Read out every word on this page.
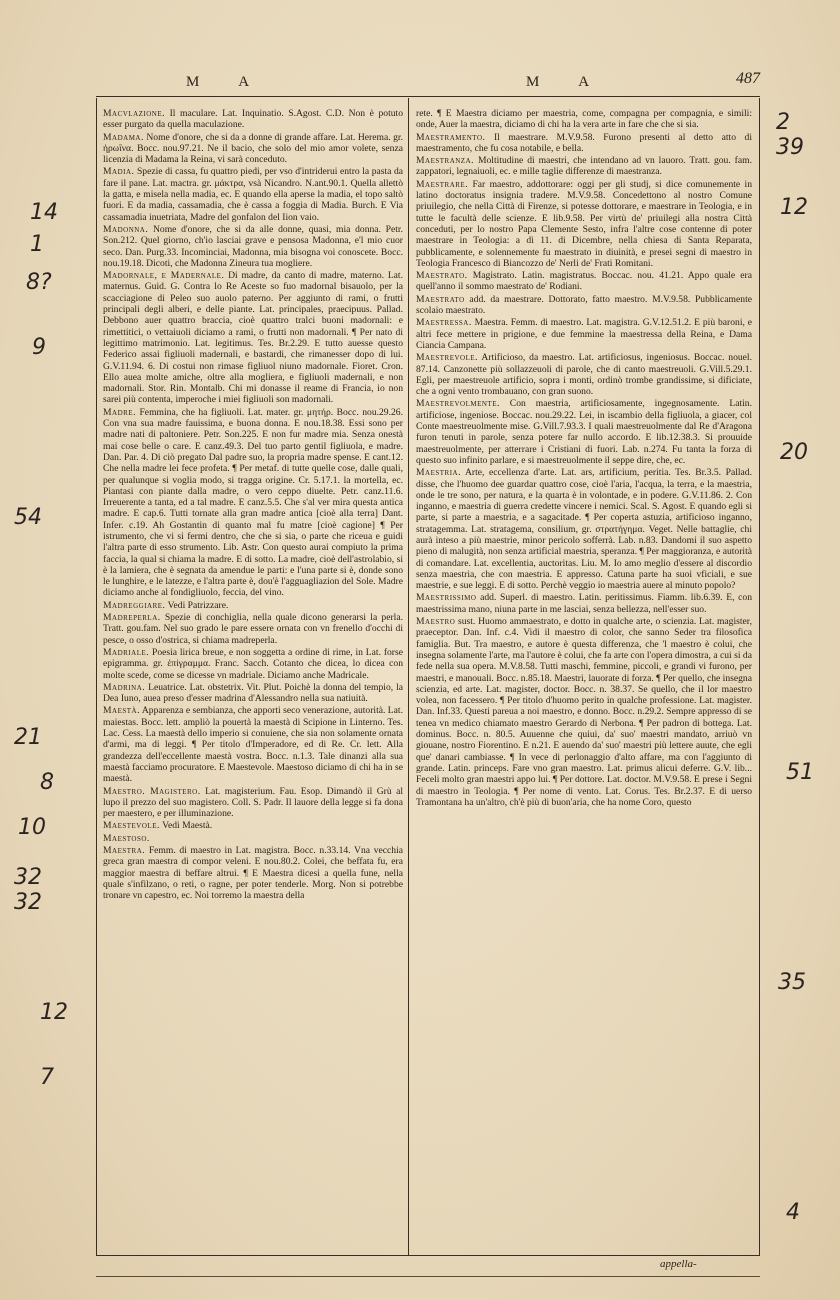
M A	M A	487
Macvlazione. Il maculare. Lat. Inquinatio. S.Agost. C.D. Non è potuto esser purgato da quella maculazione.
Madama. Nome d'onore, che si da a donne di grande affare. Lat. Herema. gr. ἡρωΐνα. Bocc. nou.97.21. Ne il bacio, che solo del mio amor volete, senza licenzia di Madama la Reina, vi sarà conceduto.
Madia. Spezie di cassa, fu quattro piedi, per vso d'intriderui entro la pasta da fare il pane. Lat. mactra. gr. μάκτρα, vsà Nicandro. N.ant.90.1. Quella allettò la gatta, e misela nella madia, ec. E quando ella aperse la madia, el topo saltò fuori. E da madia, cassamadia, che è cassa a foggia di Madia. Burch. E Via cassamadia inuetriata, Madre del gonfalon del Iion vaio.
Madonna. Nome d'onore, che si da alle donne, quasi, mia donna. Petr. Son.212. Quel giorno, ch'io lasciai grave e pensosa Madonna, e'l mio cuor seco. Dan. Purg.33. Incominciai, Madonna, mia bisogna voi conoscete. Bocc. nou.19.18. Dicoti, che Madonna Zineura tua mogliere.
Madornale, e Madernale. Di madre, da canto di madre, materno. Lat. maternus. Guid. G. Contra lo Re Aceste so fuo madornal bisauolo, per la scacciagione di Peleo suo auolo paterno. Per aggiunto di rami, o frutti principali degli alberi, e delle piante. Lat. principales, praecipuus. Pallad. Debbono auer quattro braccia, cioè quattro tralci buoni madornali: e rimettitici, o vettaiuoli diciamo a rami, o frutti non madornali. ¶ Per nato di legittimo matrimonio. Lat. legitimus. Tes. Br.2.29. E tutto auesse questo Federico assai figliuoli madernali, e bastardi, che rimanesser dopo di lui. G.V.11.94. 6. Di costui non rimase figliuol niuno madornale. Fioret. Cron. Ello auea molte amiche, oltre alla mogliera, e figliuoli madernali, e non madornali. Stor. Rin. Montalb. Chi mi donasse il reame di Francia, io non sarei più contenta, imperoche i miei figliuoli son madornali.
Madre. Femmina, che ha figliuoli. Lat. mater. gr. μητήρ. Bocc. nou.29.26. Con vna sua madre fauissima, e buona donna. E nou.18.38. Essi sono per madre nati di paltoniere. Petr. Son.225. E non fur madre mia. Senza onestà mai cose belle o care. E canz.49.3. Del tuo parto gentil figliuola, e madre. Dan. Par. 4. Di ciò pregato Dal padre suo, la propria madre spense. E cant.12. Che nella madre lei fece profeta. ¶ Per metaf. di tutte quelle cose, dalle quali, per qualunque si voglia modo, si tragga origine. Cr. 5.17.1. la mortella, ec. Piantasi con piante dalla madre, o vero ceppo diuelte. Petr. canz.11.6. Irreuerente a tanta, ed a tal madre. E canz.5.5. Che s'al ver mira questa antica madre. E cap.6. Tutti tornate alla gran madre antica [cioè alla terra] Dant. Infer. c.19. Ah Gostantin di quanto mal fu matre [cioè cagione] ¶ Per istrumento, che vi si fermi dentro, che che si sia, o parte che riceua e guidi l'altra parte di esso strumento. Lib. Astr. Con questo aurai compiuto la prima faccia, la qual si chiama la madre. E di sotto. La madre, cioè dell'astrolabio, si è la lamiera, che è segnata da amendue le parti: e l'una parte si è, donde sono le lunghire, e le latezze, e l'altra parte è, dou'è l'agguagliazion del Sole. Madre diciamo anche al fondigliuolo, feccia, del vino.
Madreggiare. Vedi Patrizzare.
Madreperla. Spezie di conchiglia, nella quale dicono generarsi la perla. Tratt. gou.fam. Nel suo grado le pare essere ornata con vn frenello d'occhi di pesce, o osso d'ostrica, si chiama madreperla.
Madriale. Poesia lirica breue, e non soggetta a ordine di rime, in Lat. forse epigramma. gr. ἐπίγραμμα. Franc. Sacch. Cotanto che dicea, lo dicea con molte scede, come se dicesse vn madriale. Diciamo anche Madricale.
Madrina. Leuatrice. Lat. obstetrix. Vit. Plut. Poichè la donna del tempio, la Dea Iuno, auea preso d'esser madrina d'Alessandro nella sua natiuità.
Maestà. Apparenza e sembianza, che apporti seco venerazione, autorità. Lat. maiestas. Bocc. lett. ampliò la pouertà la maestà di Scipione in Linterno. Tes. Lac. Cess. La maestà dello imperio si conuiene, che sia non solamente ornata d'armi, ma di leggi. ¶ Per titolo d'Imperadore, ed di Re. Cr. lett. Alla grandezza dell'eccellente maestà vostra. Bocc. n.1.3. Tale dinanzi alla sua maestà facciamo procuratore. E Maestevole. Maestoso diciamo di chi ha in se maestà.
Maestro. Magistero. Lat. magisterium. Fau. Esop. Dimandò il Grù al lupo il prezzo del suo magistero. Coll. S. Padr. Il lauore della legge si fa dona per maestero, e per illuminazione.
Maestevole. Vedi Maestà.
Maestoso.
Maestra. Femm. di maestro in Lat. magistra. Bocc. n.33.14. Vna vecchia greca gran maestra di compor veleni. E nou.80.2. Colei, che beffata fu, era maggior maestra di beffare altrui. ¶ E Maestra dicesi a quella fune, nella quale s'infilzano, o reti, o ragne, per poter tenderle. Morg. Non si potrebbe tronare vn capestro, ec. Noi torremo la maestra della
rete. ¶ E Maestra diciamo per maestria, come, compagna per compagnia, e simili: onde, Auer la maestra, diciamo di chi ha la vera arte in fare che che si sia.
Maestramento. Il maestrare. M.V.9.58. Furono presenti al detto atto di maestramento, che fu cosa notabile, e bella.
Maestranza. Moltitudine di maestri, che intendano ad vn lauoro. Tratt. gou. fam. zappatori, legnaiuoli, ec. e mille taglie differenze di maestranza.
Maestrare. Far maestro, addottorare: oggi per gli studj, si dice comunemente in latino doctoratus insignia tradere. M.V.9.58. Concedettono al nostro Comune priuilegio, che nella Città di Firenze, si potesse dottorare, e maestrare in Teologia, e in tutte le facultà delle scienze. E lib.9.58. Per virtù de' priuilegi alla nostra Città conceduti, per lo nostro Papa Clemente Sesto, infra l'altre cose contenne di poter maestrare in Teologia: a dì 11. di Dicembre, nella chiesa di Santa Reparata, pubblicamente, e solennemente fu maestrato in diuinità, e presei segni di maestro in Teologia Francesco di Biancozzo de' Nerli de' Frati Romitani.
Maestrato. Magistrato. Latin. magistratus. Boccac. nou. 41.21. Appo quale era quell'anno il sommo maestrato de' Rodiani.
Maestrato add. da maestrare. Dottorato, fatto maestro. M.V.9.58. Pubblicamente scolaio maestrato.
Maestressa. Maestra. Femm. di maestro. Lat. magistra. G.V.12.51.2. E più baroni, e altri fece mettere in prigione, e due femmine la maestressa della Reina, e Dama Ciancia Campana.
Maestrevole. Artificioso, da maestro. Lat. artificiosus, ingeniosus. Boccac. nouel. 87.14. Canzonette più sollazzeuoli di parole, che di canto maestreuoli. G.Vill.5.29.1. Egli, per maestreuole artificio, sopra i monti, ordinò trombe grandissime, si dificiate, che a ogni vento trombauano, con gran suono.
Maestrevolmente. Con maestria, artificiosamente, ingegnosamente. Latin. artificiose, ingeniose. Boccac. nou.29.22. Lei, in iscambio della figliuola, a giacer, col Conte maestreuolmente mise. G.Vill.7.93.3. I quali maestreuolmente dal Re d'Aragona furon tenuti in parole, senza potere far nullo accordo. E lib.12.38.3. Si prouuide maestreuolmente, per atterrare i Cristiani di fuori. Lab. n.274. Fu tanta la forza di questo suo infinito parlare, e si maestreuolmente il seppe dire, che, ec.
Maestria. Arte, eccellenza d'arte. Lat. ars, artificium, peritia. Tes. Br.3.5. Pallad. disse, che l'huomo dee guardar quattro cose, cioè l'aria, l'acqua, la terra, e la maestria, onde le tre sono, per natura, e la quarta è in volontade, e in podere. G.V.11.86. 2. Con inganno, e maestria di guerra credette vincere i nemici. Scal. S. Agost. E quando egli si parte, si parte a maestria, e a sagacitade. ¶ Per coperta astuzia, artificioso inganno, stratagemma. Lat. stratagema, consilium, gr. στρατήγημα. Veget. Nelle battaglie, chi aurà inteso a più maestrie, minor pericolo sofferrà. Lab. n.83. Dandomi il suo aspetto pieno di malugità, non senza artificial maestria, speranza. ¶ Per maggioranza, e autorità di comandare. Lat. excellentia, auctoritas. Liu. M. Io amo meglio d'essere al discordio senza maestria, che con maestria. E appresso. Catuna parte ha suoi vficiali, e sue maestrie, e sue leggi. E di sotto. Perchè veggio io maestria auere al minuto popolo?
Maestrissimo add. Superl. di maestro. Latin. peritissimus. Fiamm. lib.6.39. E, con maestrissima mano, niuna parte in me lasciai, senza bellezza, nell'esser suo.
Maestro sust. Huomo ammaestrato, e dotto in qualche arte, o scienzia. Lat. magister, praeceptor. Dan. Inf. c.4. Vidi il maestro di color, che sanno Seder tra filosofica famiglia. But. Tra maestro, e autore è questa differenza, che 'l maestro è colui, che insegna solamente l'arte, ma l'autore è colui, che fa arte con l'opera dimostra, a cui si da fede nella sua opera. M.V.8.58. Tutti maschi, femmine, piccoli, e grandi vi furono, per maestri, e manouali. Bocc. n.85.18. Maestri, lauorate di forza. ¶ Per quello, che insegna scienzia, ed arte. Lat. magister, doctor. Bocc. n. 38.37. Se quello, che il lor maestro volea, non facessero. ¶ Per titolo d'huomo perito in qualche professione. Lat. magister. Dan. Inf.33. Questi pareua a noi maestro, e donno. Bocc. n.29.2. Sempre appresso di se tenea vn medico chiamato maestro Gerardo di Nerbona. ¶ Per padron di bottega. Lat. dominus. Bocc. n. 80.5. Auuenne che quiui, da' suo' maestri mandato, arriuò vn giouane, nostro Fiorentino. E n.21. E auendo da' suo' maestri più lettere auute, che egli que' danari cambiasse. ¶ In vece di perlonaggio d'alto affare, ma con l'aggiunto di grande. Latin. princeps. Fare vno gran maestro. Lat. primus alicui deferre. G.V. lib... Feceli molto gran maestri appo lui. ¶ Per dottore. Lat. doctor. M.V.9.58. E prese i Segni di maestro in Teologia. ¶ Per nome di vento. Lat. Corus. Tes. Br.2.37. E di uerso Tramontana ha un'altro, ch'è più di buon'aria, che ha nome Coro, questo
appella-
14
1
8?
9
54
21
8
10
32
32
12
7
2
39
12
20
51
35
4
